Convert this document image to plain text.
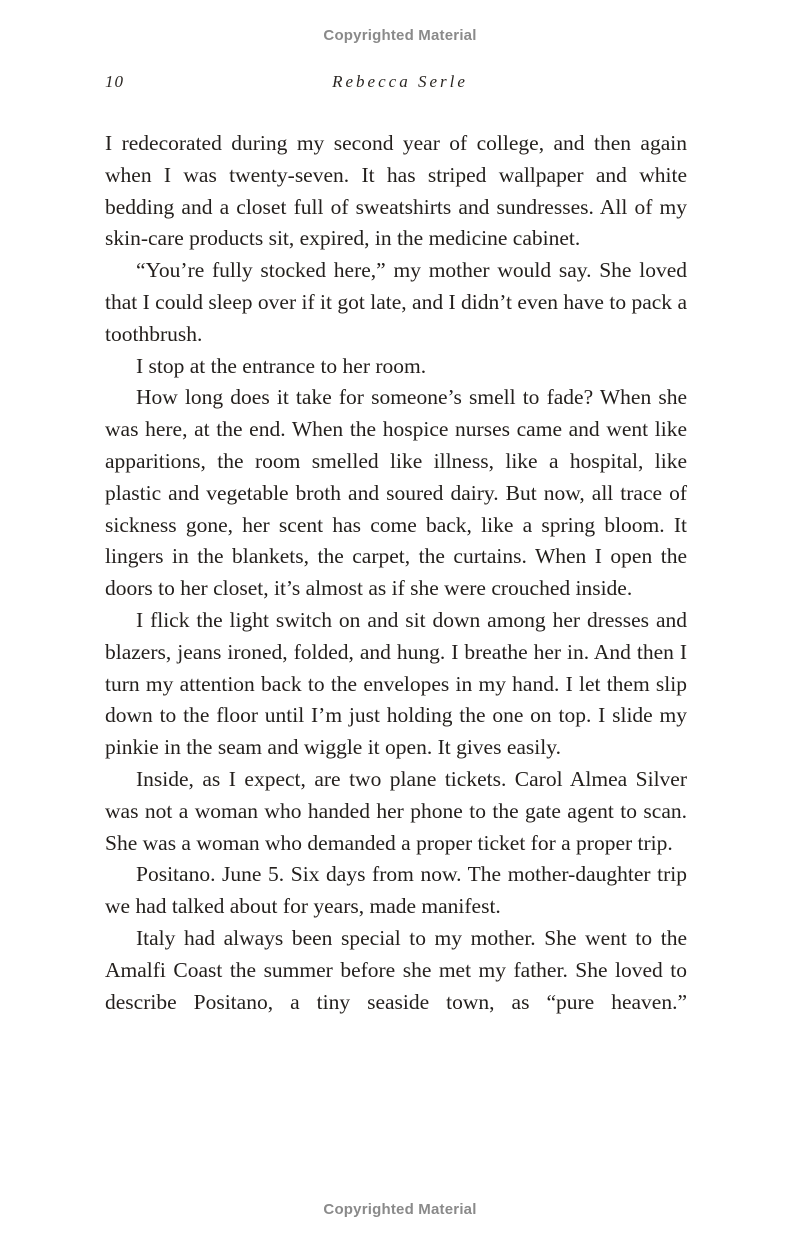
Copyrighted Material
10	Rebecca Serle

I redecorated during my second year of college, and then again when I was twenty-seven. It has striped wallpaper and white bedding and a closet full of sweatshirts and sundresses. All of my skin-care products sit, expired, in the medicine cabinet.

“You’re fully stocked here,” my mother would say. She loved that I could sleep over if it got late, and I didn’t even have to pack a toothbrush.

I stop at the entrance to her room.

How long does it take for someone’s smell to fade? When she was here, at the end. When the hospice nurses came and went like apparitions, the room smelled like illness, like a hospital, like plastic and vegetable broth and soured dairy. But now, all trace of sickness gone, her scent has come back, like a spring bloom. It lingers in the blankets, the carpet, the curtains. When I open the doors to her closet, it’s almost as if she were crouched inside.

I flick the light switch on and sit down among her dresses and blazers, jeans ironed, folded, and hung. I breathe her in. And then I turn my attention back to the envelopes in my hand. I let them slip down to the floor until I’m just holding the one on top. I slide my pinkie in the seam and wiggle it open. It gives easily.

Inside, as I expect, are two plane tickets. Carol Almea Silver was not a woman who handed her phone to the gate agent to scan. She was a woman who demanded a proper ticket for a proper trip.

Positano. June 5. Six days from now. The mother-daughter trip we had talked about for years, made manifest.

Italy had always been special to my mother. She went to the Amalfi Coast the summer before she met my father. She loved to describe Positano, a tiny seaside town, as “pure heaven.”

Copyrighted Material
